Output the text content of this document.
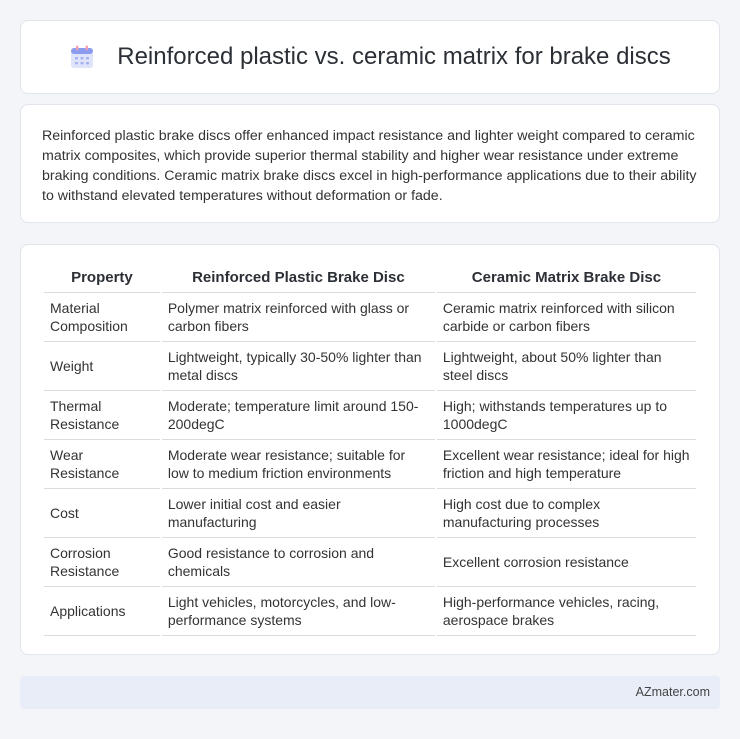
Reinforced plastic vs. ceramic matrix for brake discs

Reinforced plastic brake discs offer enhanced impact resistance and lighter weight compared to ceramic matrix composites, which provide superior thermal stability and higher wear resistance under extreme braking conditions. Ceramic matrix brake discs excel in high-performance applications due to their ability to withstand elevated temperatures without deformation or fade.

Property	Reinforced Plastic Brake Disc	Ceramic Matrix Brake Disc
Material Composition	Polymer matrix reinforced with glass or carbon fibers	Ceramic matrix reinforced with silicon carbide or carbon fibers
Weight	Lightweight, typically 30-50% lighter than metal discs	Lightweight, about 50% lighter than steel discs
Thermal Resistance	Moderate; temperature limit around 150-200degC	High; withstands temperatures up to 1000degC
Wear Resistance	Moderate wear resistance; suitable for low to medium friction environments	Excellent wear resistance; ideal for high friction and high temperature
Cost	Lower initial cost and easier manufacturing	High cost due to complex manufacturing processes
Corrosion Resistance	Good resistance to corrosion and chemicals	Excellent corrosion resistance
Applications	Light vehicles, motorcycles, and low-performance systems	High-performance vehicles, racing, aerospace brakes
AZmater.com
